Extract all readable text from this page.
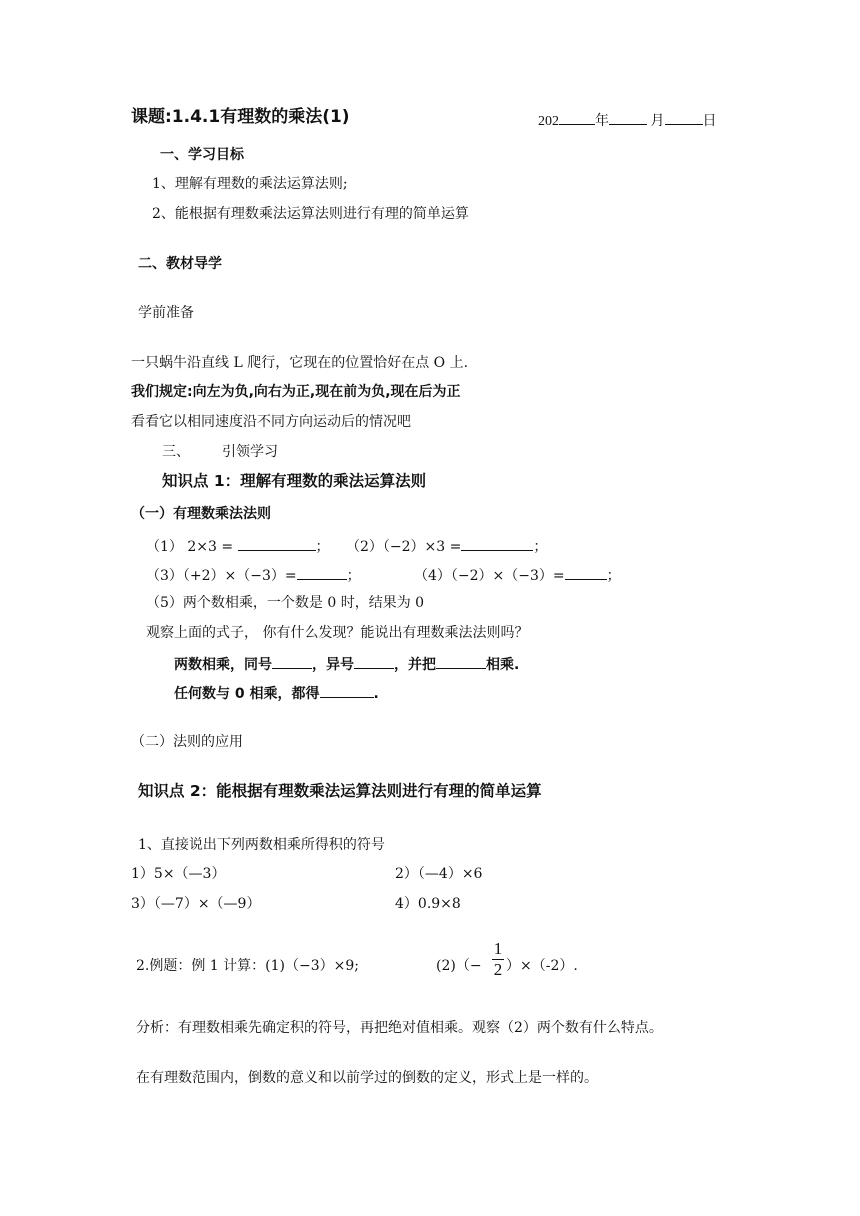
课题:1.4.1有理数的乘法(1)	202	年	月	日
一、学习目标
1、理解有理数的乘法运算法则;
2、能根据有理数乘法运算法则进行有理的简单运算
二、教材导学
学前准备
一只蜗牛沿直线 L 爬行，它现在的位置恰好在点 O 上.
我们规定:向左为负,向右为正,现在前为负,现在后为正
看看它以相同速度沿不同方向运动后的情况吧
三、 引领学习
知识点 1：理解有理数的乘法运算法则
（一）有理数乘法法则
（1） 2×3 =	； （2）（−2）×3 =	；
（3）（+2）×（−3）=	；	（4）（−2）×（−3）=	；
（5）两个数相乘，一个数是 0 时，结果为 0
观察上面的式子， 你有什么发现？能说出有理数乘法法则吗？
两数相乘，同号	，异号	，并把	相乘.
任何数与 0 相乘，都得	.
（二）法则的应用
知识点 2：能根据有理数乘法运算法则进行有理的简单运算
1、直接说出下列两数相乘所得积的符号
1）5×（—3）	2）（—4）×6
3）（—7）×（—9）	4）0.9×8
2.例题：例 1 计算：(1)（−3）×9;	(2)（−
1
2 ）×（-2）.
分析：有理数相乘先确定积的符号，再把绝对值相乘。观察（2）两个数有什么特点。
在有理数范围内，倒数的意义和以前学过的倒数的定义，形式上是一样的。
